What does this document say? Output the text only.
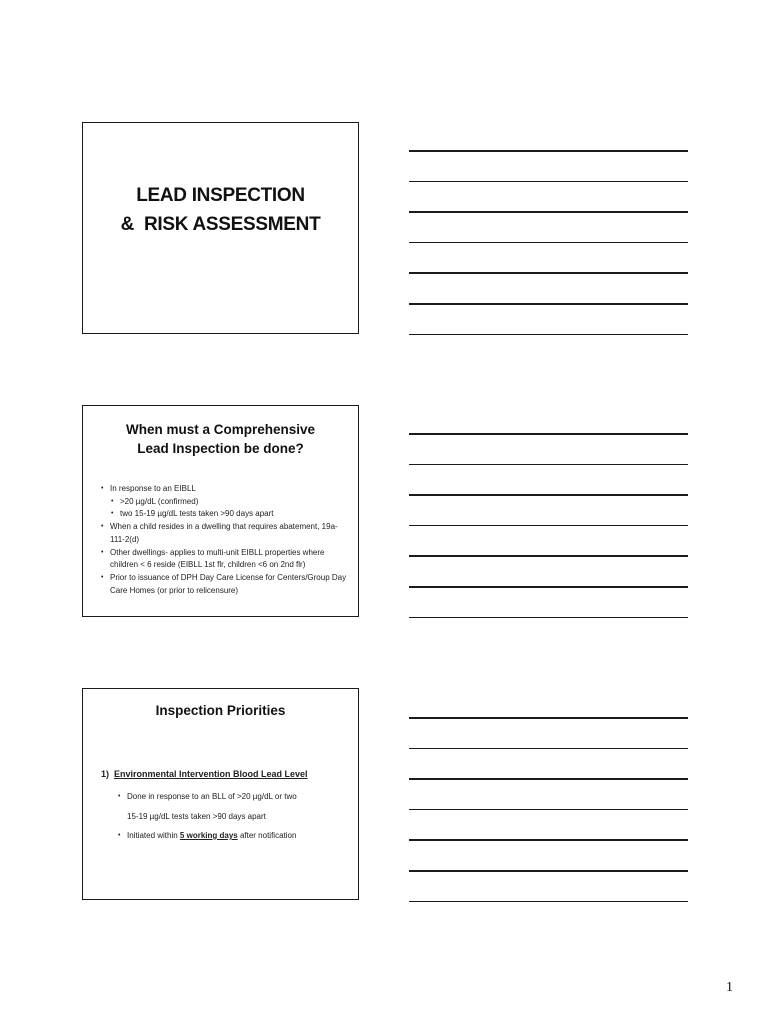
LEAD INSPECTION
&  RISK ASSESSMENT
When must a Comprehensive
Lead Inspection be done?
• In response to an EIBLL
• >20 µg/dL (confirmed)
• two 15-19 µg/dL tests taken >90 days apart
• When a child resides in a dwelling that requires abatement, 19a-111-2(d)
• Other dwellings- applies to multi-unit EIBLL properties where children < 6 reside (EIBLL 1st flr, children <6 on 2nd flr)
• Prior to issuance of DPH Day Care License for Centers/Group Day Care Homes (or prior to relicensure)
Inspection Priorities
1) Environmental Intervention Blood Lead Level
• Done in response to an BLL of >20 µg/dL or two
15-19 µg/dL tests taken >90 days apart
• Initiated within 5 working days after notification
1
